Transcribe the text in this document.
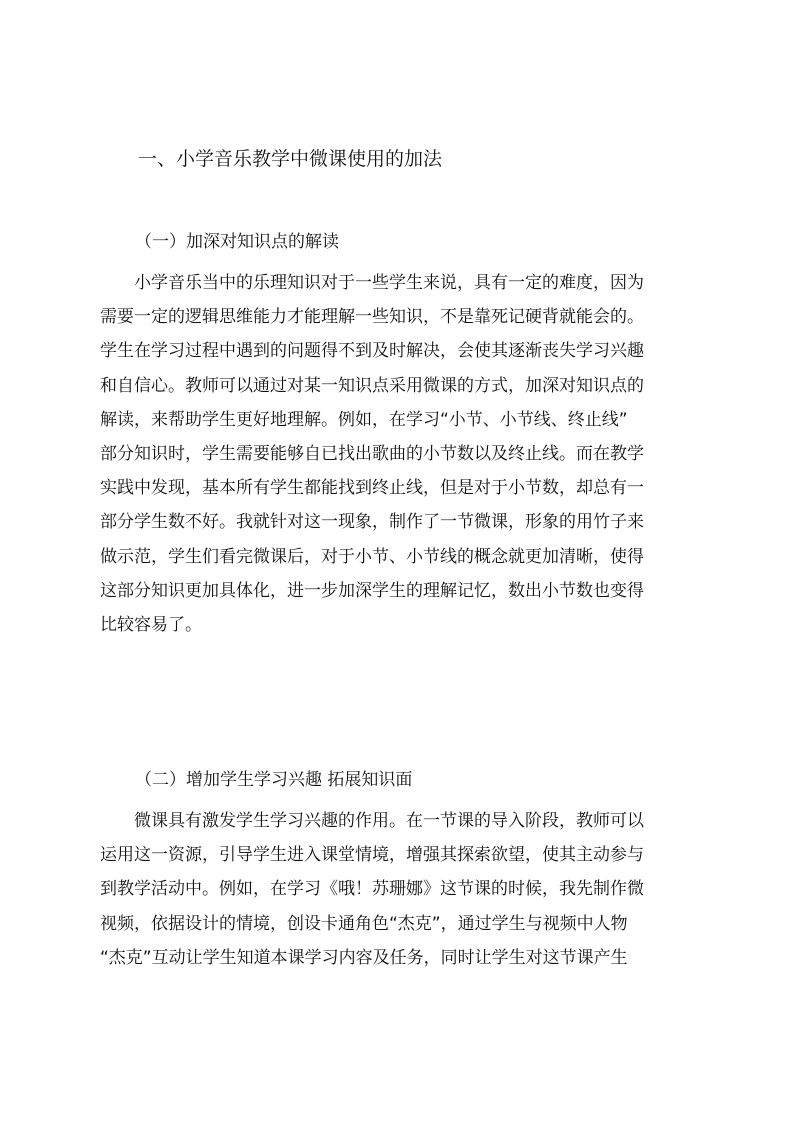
一、小学音乐教学中微课使用的加法
（一）加深对知识点的解读
　　小学音乐当中的乐理知识对于一些学生来说，具有一定的难度，因为
需要一定的逻辑思维能力才能理解一些知识，不是靠死记硬背就能会的。
学生在学习过程中遇到的问题得不到及时解决，会使其逐渐丧失学习兴趣
和自信心。教师可以通过对某一知识点采用微课的方式，加深对知识点的
解读，来帮助学生更好地理解。例如，在学习“小节、小节线、终止线”
部分知识时，学生需要能够自已找出歌曲的小节数以及终止线。而在教学
实践中发现，基本所有学生都能找到终止线，但是对于小节数，却总有一
部分学生数不好。我就针对这一现象，制作了一节微课，形象的用竹子来
做示范，学生们看完微课后，对于小节、小节线的概念就更加清晰，使得
这部分知识更加具体化，进一步加深学生的理解记忆，数出小节数也变得
比较容易了。
（二）增加学生学习兴趣 拓展知识面
　　微课具有激发学生学习兴趣的作用。在一节课的导入阶段，教师可以
运用这一资源，引导学生进入课堂情境，增强其探索欲望，使其主动参与
到教学活动中。例如，在学习《哦！苏珊娜》这节课的时候，我先制作微
视频，依据设计的情境，创设卡通角色“杰克”，通过学生与视频中人物
“杰克”互动让学生知道本课学习内容及任务，同时让学生对这节课产生
